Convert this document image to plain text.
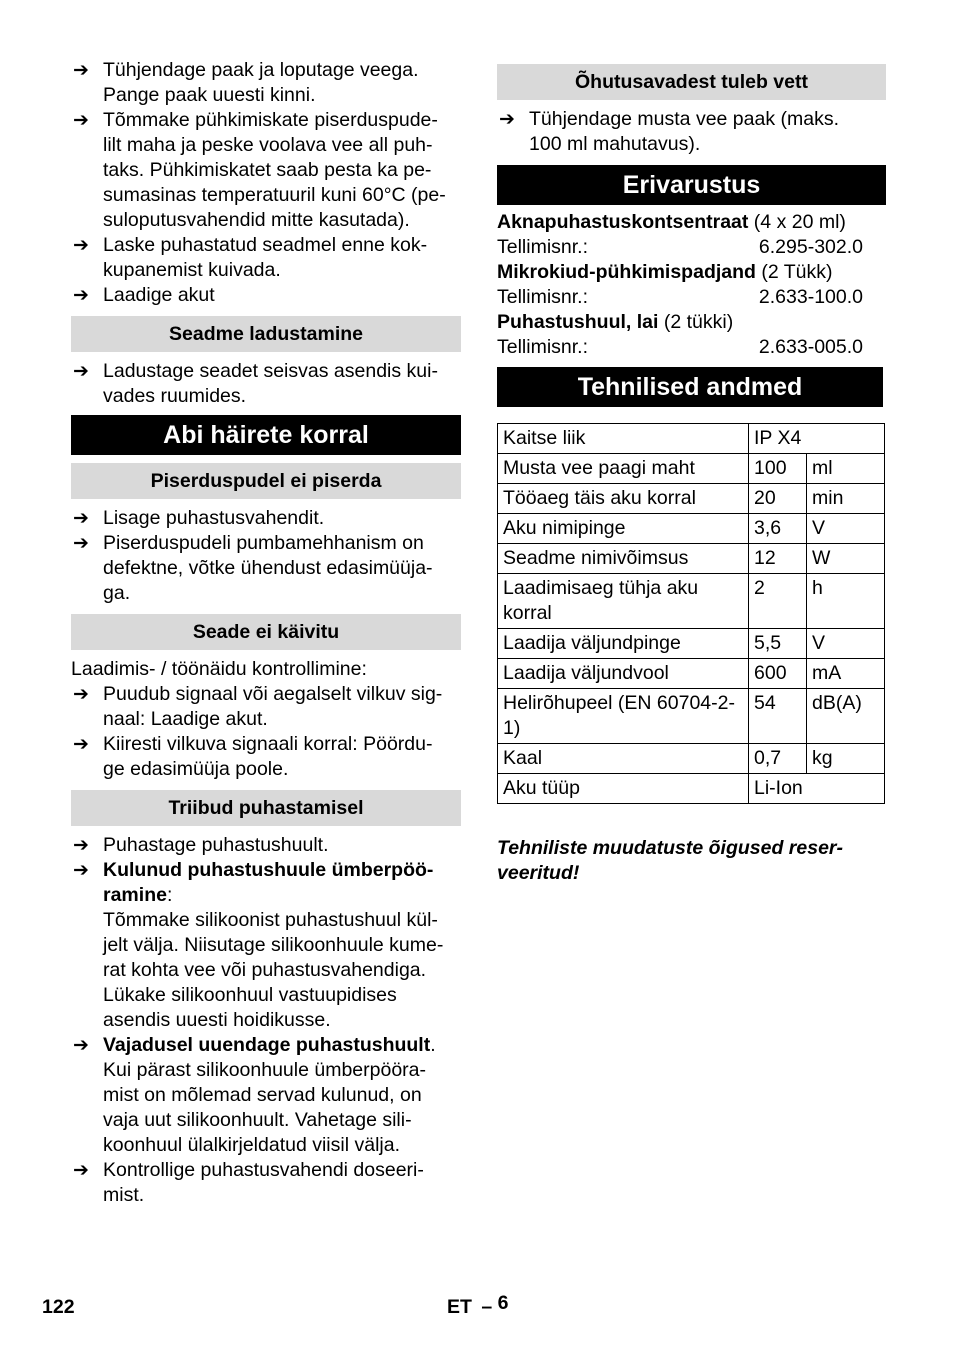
➔ Tühjendage paak ja loputage veega.
Pange paak uuesti kinni.
➔ Tõmmake pühkimiskate piserduspude-
lilt maha ja peske voolava vee all puh-
taks. Pühkimiskatet saab pesta ka pe-
sumasinas temperatuuril kuni 60°C (pe-
suloputusvahendid mitte kasutada).
➔ Laske puhastatud seadmel enne kok-
kupanemist kuivada.
➔ Laadige akut
Seadme ladustamine
➔ Ladustage seadet seisvas asendis kui-
vades ruumides.
Abi häirete korral
Piserduspudel ei piserda
➔ Lisage puhastusvahendit.
➔ Piserduspudeli pumbamehhanism on
defektne, võtke ühendust edasimüüja-
ga.
Seade ei käivitu
Laadimis- / töönäidu kontrollimine:
➔ Puudub signaal või aegalselt vilkuv sig-
naal: Laadige akut.
➔ Kiiresti vilkuva signaali korral: Pöördu-
ge edasimüüja poole.
Triibud puhastamisel
➔ Puhastage puhastushuult.
➔ Kulunud puhastushuule ümberpöö-
ramine:
Tõmmake silikoonist puhastushuul kül-
jelt välja. Niisutage silikoonhuule kume-
rat kohta vee või puhastusvahendiga.
Lükake silikoonhuul vastuupidises
asendis uuesti hoidikusse.
➔ Vajadusel uuendage puhastushuult.
Kui pärast silikoonhuule ümberpööra-
mist on mõlemad servad kulunud, on
vaja uut silikoonhuult. Vahetage sili-
koonhuul ülalkirjeldatud viisil välja.
➔ Kontrollige puhastusvahendi doseeri-
mist.
Õhutusavadest tuleb vett
➔ Tühjendage musta vee paak (maks.
100 ml mahutavus).
Erivarustus
Aknapuhastuskontsentraat (4 x 20 ml)
Tellimisnr.:	6.295-302.0
Mikrokiud-pühkimispadjand (2 Tükk)
Tellimisnr.:	2.633-100.0
Puhastushuul, lai (2 tükki)
Tellimisnr.:	2.633-005.0
Tehnilised andmed
Kaitse liik	IP X4	

Musta vee paagi maht	100	ml

Tööaeg täis aku korral	20	min

Aku nimipinge	3,6	V

Seadme nimivõimsus	12	W

Laadimisaeg tühja aku
korral	2	h

Laadija väljundpinge	5,5	V

Laadija väljundvool	600	mA

Helirõhupeel (EN 60704-2-
1)	54	dB(A)

Kaal	0,7	kg

Aku tüüp	Li-Ion	
Tehniliste muudatuste õigused reser-
veeritud!
122	ET – 6
